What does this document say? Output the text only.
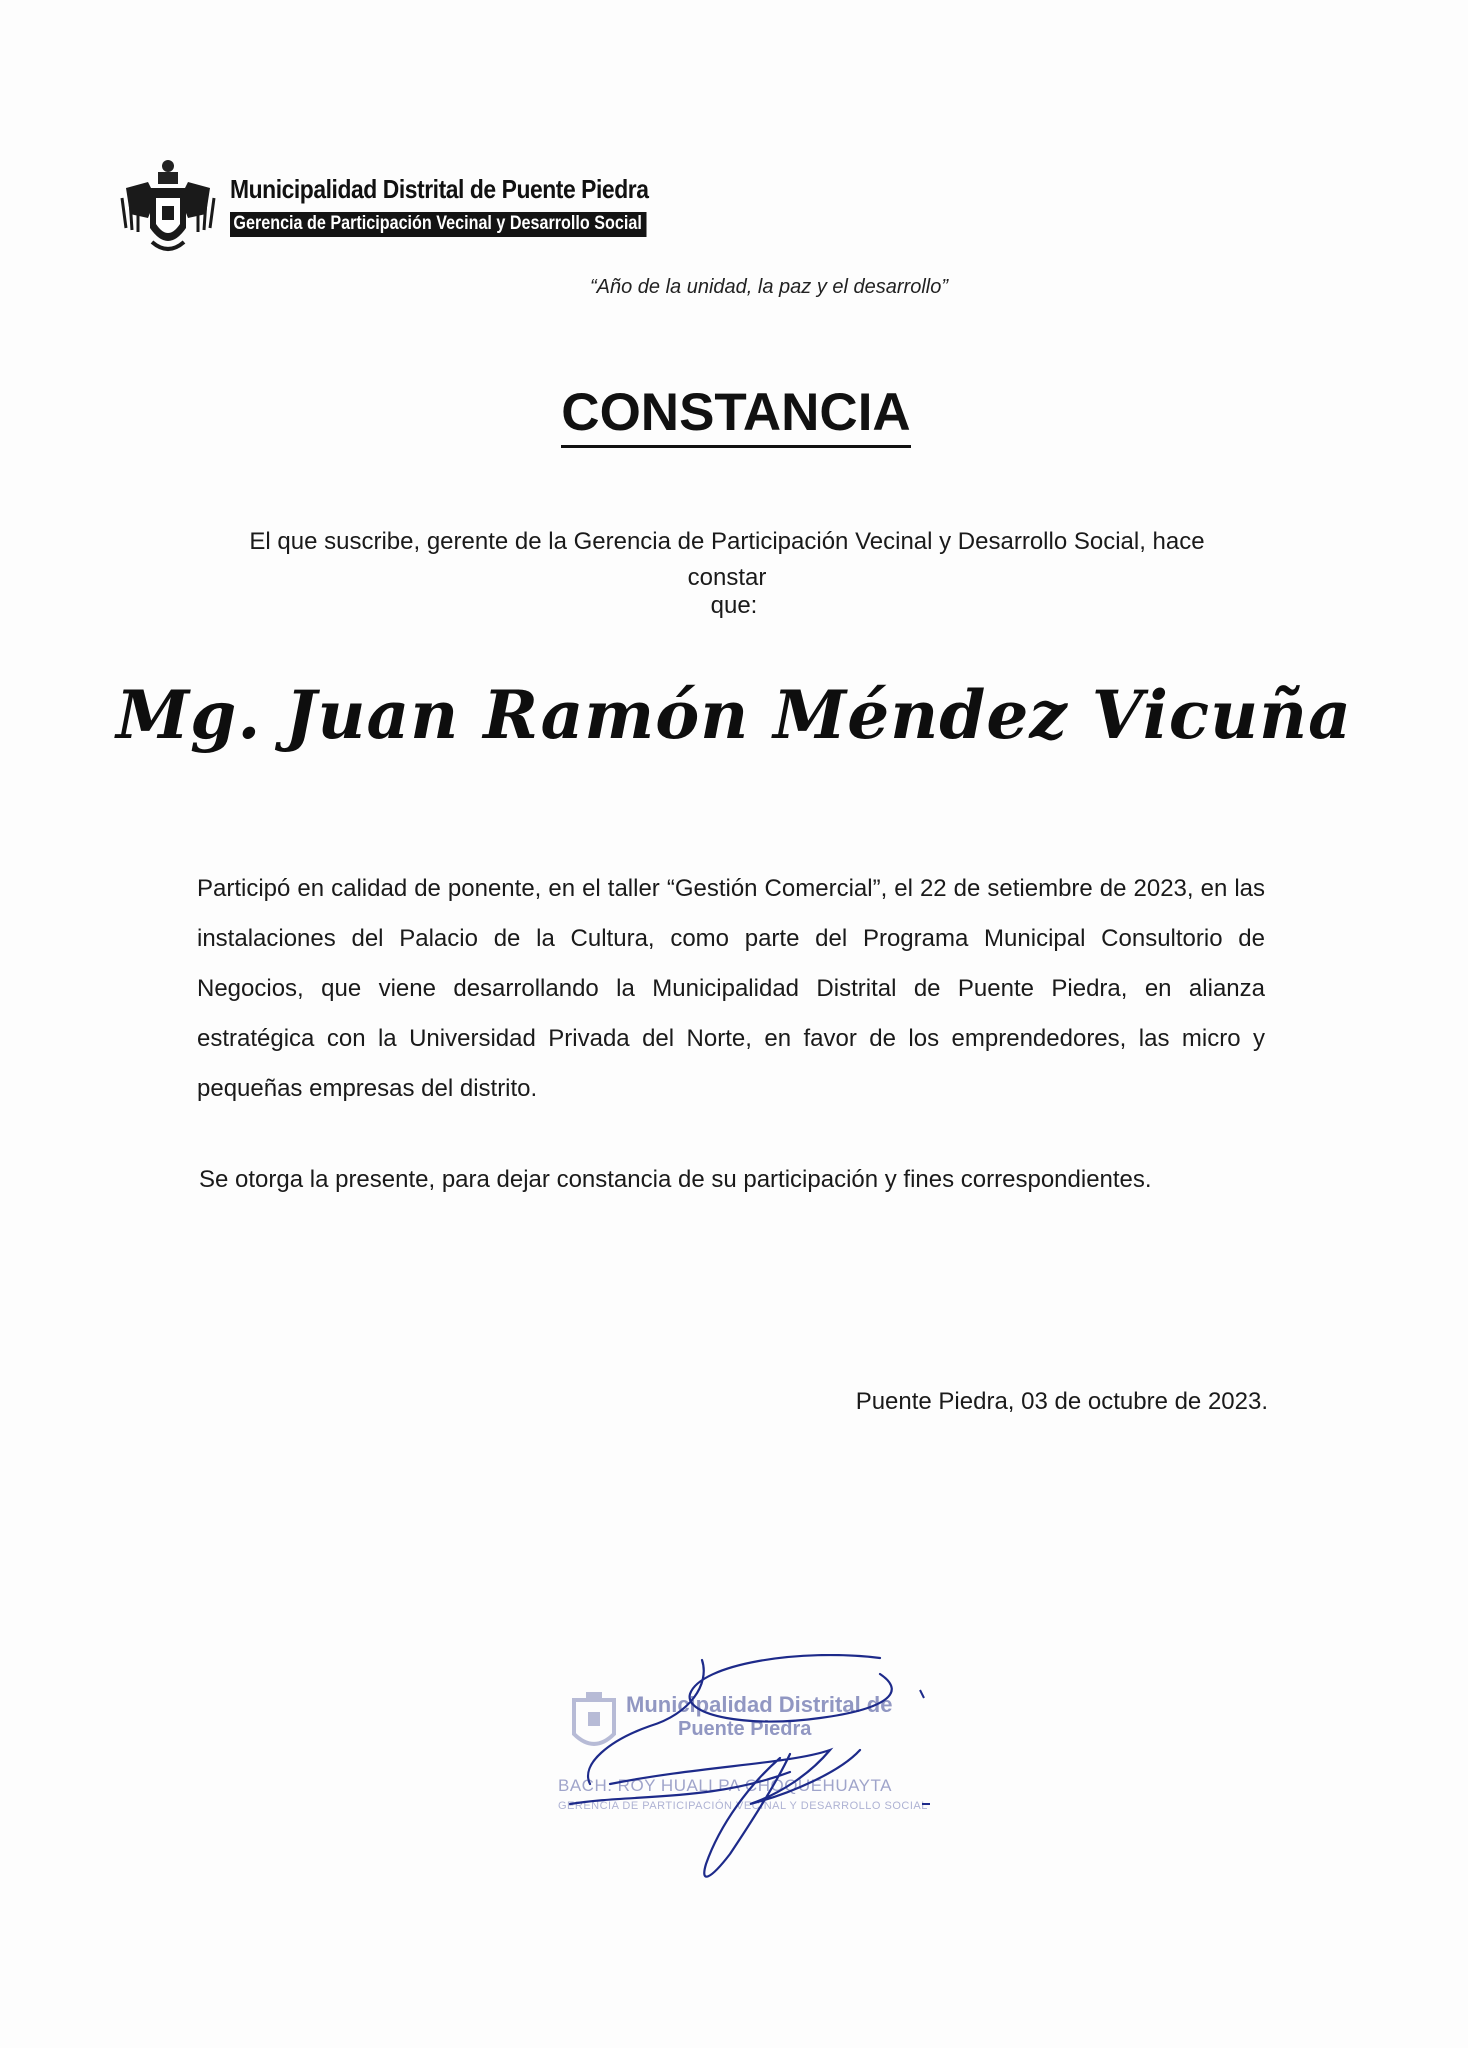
Municipalidad Distrital de Puente Piedra
Gerencia de Participación Vecinal y Desarrollo Social
“Año de la unidad, la paz y el desarrollo”
CONSTANCIA
El que suscribe, gerente de la Gerencia de Participación Vecinal y Desarrollo Social, hace constar
que:
Mg. Juan Ramón Méndez Vicuña
Participó en calidad de ponente, en el taller “Gestión Comercial”, el 22 de setiembre de 2023, en las instalaciones del Palacio de la Cultura, como parte del Programa Municipal Consultorio de Negocios, que viene desarrollando la Municipalidad Distrital de Puente Piedra, en alianza estratégica con la Universidad Privada del Norte, en favor de los emprendedores, las micro y pequeñas empresas del distrito.
Se otorga la presente, para dejar constancia de su participación y fines correspondientes.
Puente Piedra, 03 de octubre de 2023.
Municipalidad Distrital de
Puente Piedra
BACH. ROY HUALLPA CHOQUEHUAYTA
GERENCIA DE PARTICIPACIÓN VECINAL Y DESARROLLO SOCIAL
